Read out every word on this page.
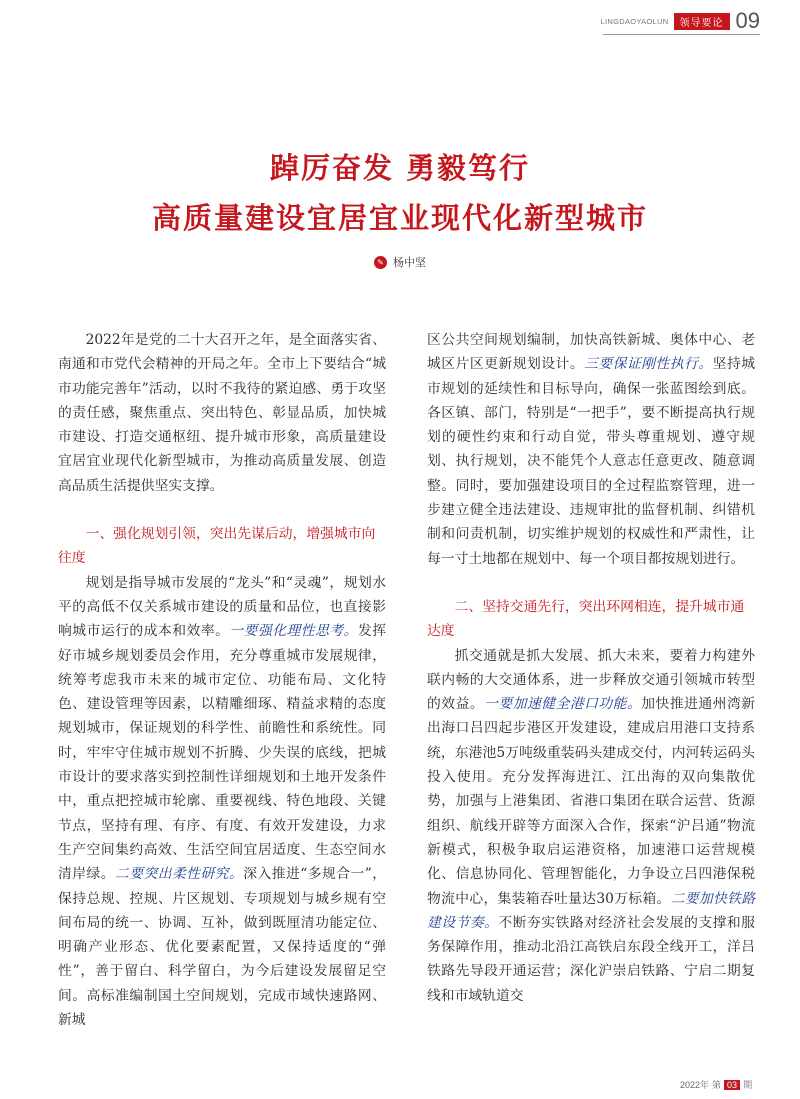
LINGDAOYAOLUN	领导要论 09
踔厉奋发 勇毅笃行
高质量建设宜居宜业现代化新型城市
✎ 杨中坚

2022年是党的二十大召开之年，是全面落实省、南通和市党代会精神的开局之年。全市上下要结合“城市功能完善年”活动，以时不我待的紧迫感、勇于攻坚的责任感，聚焦重点、突出特色、彰显品质，加快城市建设、打造交通枢纽、提升城市形象，高质量建设宜居宜业现代化新型城市，为推动高质量发展、创造高品质生活提供坚实支撑。

一、强化规划引领，突出先谋后动，增强城市向往度

规划是指导城市发展的“龙头”和“灵魂”，规划水平的高低不仅关系城市建设的质量和品位，也直接影响城市运行的成本和效率。一要强化理性思考。发挥好市城乡规划委员会作用，充分尊重城市发展规律，统筹考虑我市未来的城市定位、功能布局、文化特色、建设管理等因素，以精雕细琢、精益求精的态度规划城市，保证规划的科学性、前瞻性和系统性。同时，牢牢守住城市规划不折腾、少失误的底线，把城市设计的要求落实到控制性详细规划和土地开发条件中，重点把控城市轮廓、重要视线、特色地段、关键节点，坚持有理、有序、有度、有效开发建设，力求生产空间集约高效、生活空间宜居适度、生态空间水清岸绿。二要突出柔性研究。深入推进“多规合一”，保持总规、控规、片区规划、专项规划与城乡规有空间布局的统一、协调、互补，做到既厘清功能定位、明确产业形态、优化要素配置，又保持适度的“弹性”，善于留白、科学留白，为今后建设发展留足空间。高标准编制国土空间规划，完成市域快速路网、新城

区公共空间规划编制，加快高铁新城、奥体中心、老城区片区更新规划设计。三要保证刚性执行。坚持城市规划的延续性和目标导向，确保一张蓝图绘到底。各区镇、部门，特别是“一把手”，要不断提高执行规划的硬性约束和行动自觉，带头尊重规划、遵守规划、执行规划，决不能凭个人意志任意更改、随意调整。同时，要加强建设项目的全过程监察管理，进一步建立健全违法建设、违规审批的监督机制、纠错机制和问责机制，切实维护规划的权威性和严肃性，让每一寸土地都在规划中、每一个项目都按规划进行。

二、坚持交通先行，突出环网相连，提升城市通达度

抓交通就是抓大发展、抓大未来，要着力构建外联内畅的大交通体系，进一步释放交通引领城市转型的效益。一要加速健全港口功能。加快推进通州湾新出海口吕四起步港区开发建设，建成启用港口支持系统，东港池5万吨级重装码头建成交付，内河转运码头投入使用。充分发挥海进江、江出海的双向集散优势，加强与上港集团、省港口集团在联合运营、货源组织、航线开辟等方面深入合作，探索“沪吕通”物流新模式，积极争取启运港资格，加速港口运营规模化、信息协同化、管理智能化，力争设立吕四港保税物流中心，集装箱吞吐量达30万标箱。二要加快铁路建设节奏。不断夯实铁路对经济社会发展的支撑和服务保障作用，推动北沿江高铁启东段全线开工，洋吕铁路先导段开通运营；深化沪崇启铁路、宁启二期复线和市域轨道交

2022年 第 03 期
